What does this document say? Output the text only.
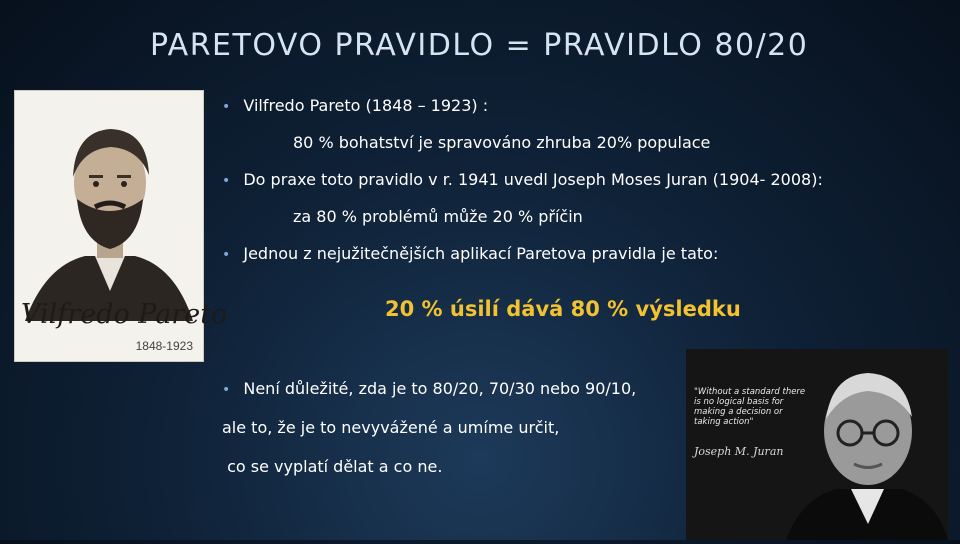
PARETOVO PRAVIDLO = PRAVIDLO 80/20
Vilfredo Pareto
1848-1923
• Vilfredo Pareto (1848 – 1923) :
80 % bohatství je spravováno zhruba 20% populace
• Do praxe toto pravidlo v r. 1941 uvedl Joseph Moses Juran (1904- 2008):
za 80 % problémů může 20 % příčin
• Jednou z nejužitečnějších aplikací Paretova pravidla je tato:
20 % úsilí dává 80 % výsledku
• Není důležité, zda je to 80/20, 70/30 nebo 90/10,
ale to, že je to nevyvážené a umíme určit,
co se vyplatí dělat a co ne.
"Without a standard there is no logical basis for making a decision or taking action"
Joseph M. Juran
